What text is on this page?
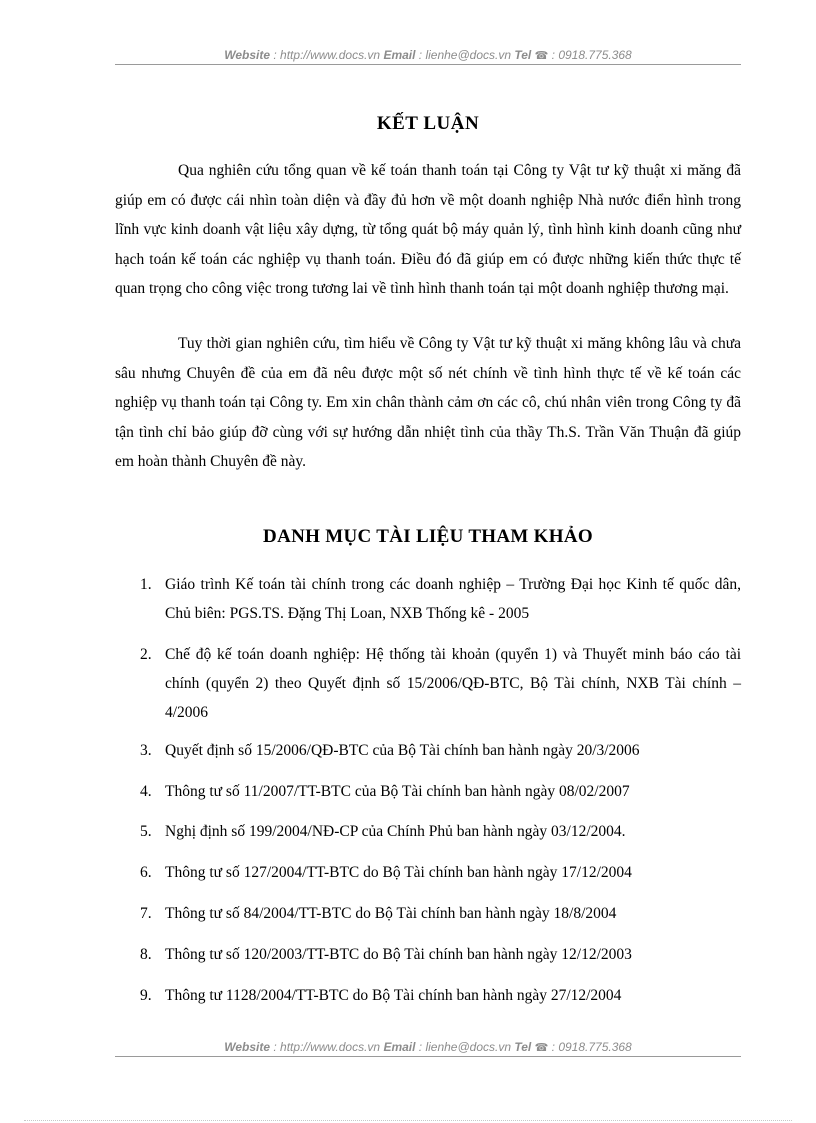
Website : http://www.docs.vn Email : lienhe@docs.vn Tel ☎ : 0918.775.368
KẾT LUẬN

Qua nghiên cứu tổng quan về kế toán thanh toán tại Công ty Vật tư kỹ thuật xi măng đã giúp em có được cái nhìn toàn diện và đầy đủ hơn về một doanh nghiệp Nhà nước điển hình trong lĩnh vực kinh doanh vật liệu xây dựng, từ tổng quát bộ máy quản lý, tình hình kinh doanh cũng như hạch toán kế toán các nghiệp vụ thanh toán. Điều đó đã giúp em có được những kiến thức thực tế quan trọng cho công việc trong tương lai về tình hình thanh toán tại một doanh nghiệp thương mại.

Tuy thời gian nghiên cứu, tìm hiểu về Công ty Vật tư kỹ thuật xi măng không lâu và chưa sâu nhưng Chuyên đề của em đã nêu được một số nét chính về tình hình thực tế về kế toán các nghiệp vụ thanh toán tại Công ty. Em xin chân thành cảm ơn các cô, chú nhân viên trong Công ty đã tận tình chỉ bảo giúp đỡ cùng với sự hướng dẫn nhiệt tình của thầy Th.S. Trần Văn Thuận đã giúp em hoàn thành Chuyên đề này.

DANH MỤC TÀI LIỆU THAM KHẢO
1. Giáo trình Kế toán tài chính trong các doanh nghiệp – Trường Đại học Kinh tế quốc dân, Chủ biên: PGS.TS. Đặng Thị Loan, NXB Thống kê - 2005
2. Chế độ kế toán doanh nghiệp: Hệ thống tài khoản (quyển 1) và Thuyết minh báo cáo tài chính (quyển 2) theo Quyết định số 15/2006/QĐ-BTC, Bộ Tài chính, NXB Tài chính – 4/2006
3. Quyết định số 15/2006/QĐ-BTC của Bộ Tài chính ban hành ngày 20/3/2006
4. Thông tư số 11/2007/TT-BTC của Bộ Tài chính ban hành ngày 08/02/2007
5. Nghị định số 199/2004/NĐ-CP của Chính Phủ ban hành ngày 03/12/2004.
6. Thông tư số 127/2004/TT-BTC do Bộ Tài chính ban hành ngày 17/12/2004
7. Thông tư số 84/2004/TT-BTC do Bộ Tài chính ban hành ngày 18/8/2004
8. Thông tư số 120/2003/TT-BTC do Bộ Tài chính ban hành ngày 12/12/2003
9. Thông tư 1128/2004/TT-BTC do Bộ Tài chính ban hành ngày 27/12/2004
Website : http://www.docs.vn Email : lienhe@docs.vn Tel ☎ : 0918.775.368
